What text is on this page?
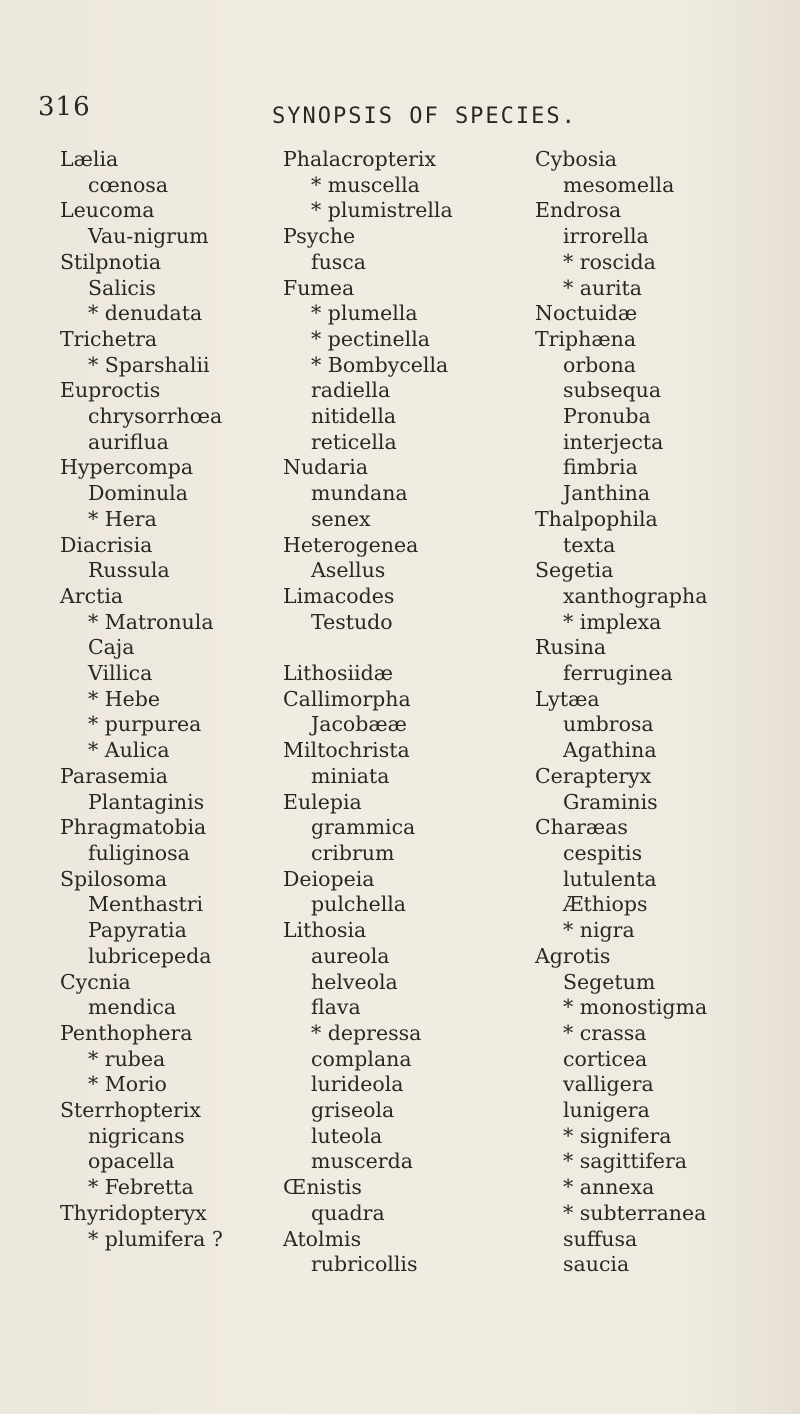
316	SYNOPSIS OF SPECIES.
Lælia
cœnosa
Leucoma
Vau-nigrum
Stilpnotia
Salicis
* denudata
Trichetra
* Sparshalii
Euproctis
chrysorrhœa
auriflua
Hypercompa
Dominula
* Hera
Diacrisia
Russula
Arctia
* Matronula
Caja
Villica
* Hebe
* purpurea
* Aulica
Parasemia
Plantaginis
Phragmatobia
fuliginosa
Spilosoma
Menthastri
Papyratia
lubricepeda
Cycnia
mendica
Penthophera
* rubea
* Morio
Sterrhopterix
nigricans
opacella
* Febretta
Thyridopteryx
* plumifera ?
Phalacropterix
* muscella
* plumistrella
Psyche
fusca
Fumea
* plumella
* pectinella
* Bombycella
radiella
nitidella
reticella
Nudaria
mundana
senex
Heterogenea
Asellus
Limacodes
Testudo

Lithosiidæ
Callimorpha
Jacobææ
Miltochrista
miniata
Eulepia
grammica
cribrum
Deiopeia
pulchella
Lithosia
aureola
helveola
flava
* depressa
complana
lurideola
griseola
luteola
muscerda
Œnistis
quadra
Atolmis
rubricollis
Cybosia
mesomella
Endrosa
irrorella
* roscida
* aurita
Noctuidæ
Triphæna
orbona
subsequa
Pronuba
interjecta
fimbria
Janthina
Thalpophila
texta
Segetia
xanthographa
* implexa
Rusina
ferruginea
Lytæa
umbrosa
Agathina
Cerapteryx
Graminis
Charæas
cespitis
lutulenta
Æthiops
* nigra
Agrotis
Segetum
* monostigma
* crassa
corticea
valligera
lunigera
* signifera
* sagittifera
* annexa
* subterranea
suffusa
saucia
